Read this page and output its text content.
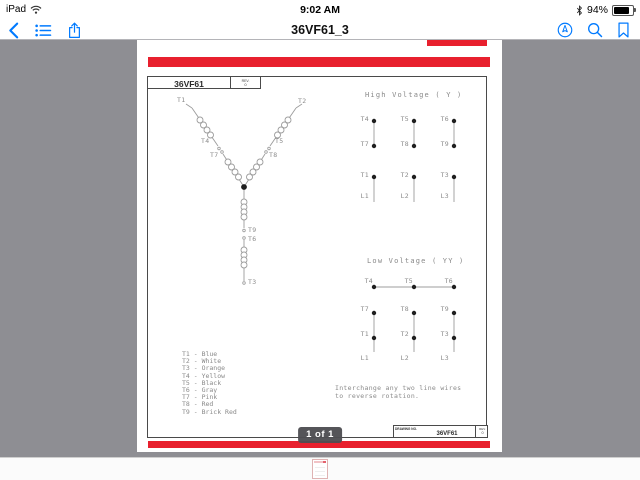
iPad	9:02 AM	94%
36VF61_3
36VF61	REV.
0
T1	T2
T4
T7
T5
T8
T9
T6
T3
High Voltage ( Y )
T4	T5	T6
T7	T8	T9
T1	T2	T3
L1	L2	L3
Low Voltage ( YY )
T4	T5	T6
T7	T8	T9
T1	T2	T3
L1	L2	L3
T1 - Blue
T2 - White
T3 - Orange
T4 - Yellow
T5 - Black
T6 - Gray
T7 - Pink
T8 - Red
T9 - Brick Red
Interchange any two line wires
to reverse rotation.
DRAWING NO.
36VF61
REV.
0
1 of 1
